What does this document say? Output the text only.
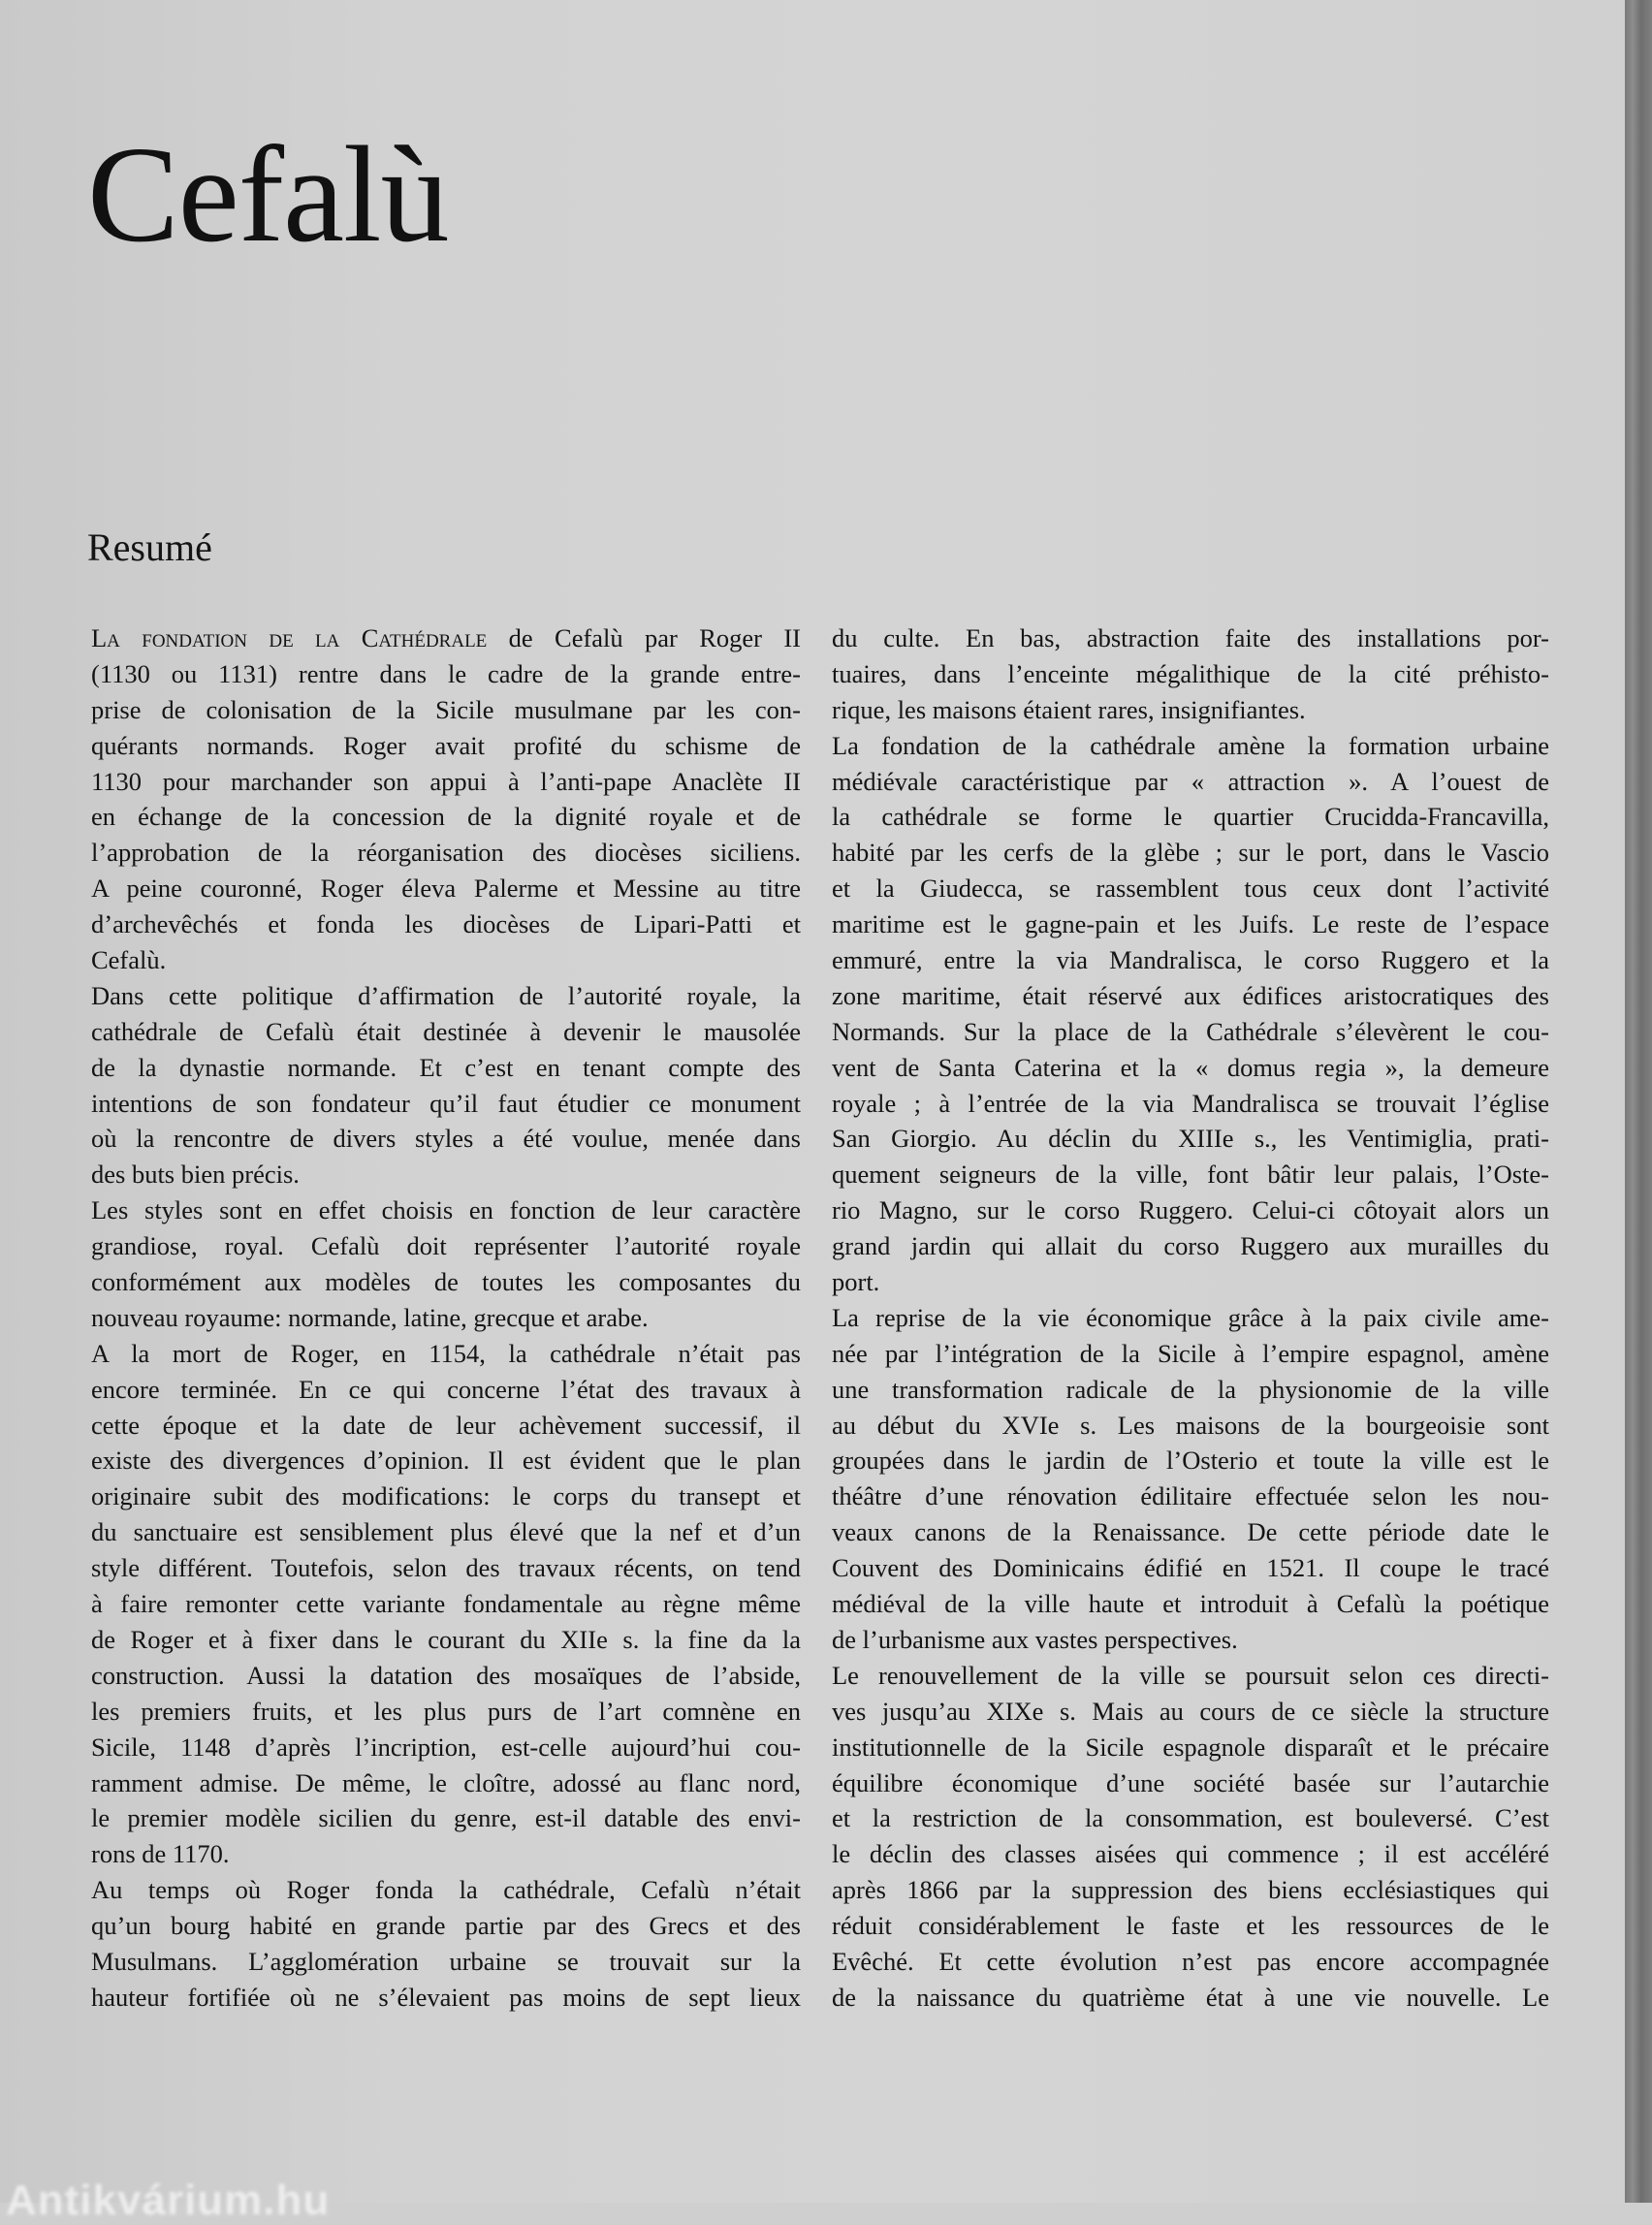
Cefalù
Resumé
La fondation de la Cathédrale de Cefalù par Roger II
(1130 ou 1131) rentre dans le cadre de la grande entre-
prise de colonisation de la Sicile musulmane par les con-
quérants normands. Roger avait profité du schisme de
1130 pour marchander son appui à l’anti-pape Anaclète II
en échange de la concession de la dignité royale et de
l’approbation de la réorganisation des diocèses siciliens.
A peine couronné, Roger éleva Palerme et Messine au titre
d’archevêchés et fonda les diocèses de Lipari-Patti et
Cefalù.
Dans cette politique d’affirmation de l’autorité royale, la
cathédrale de Cefalù était destinée à devenir le mausolée
de la dynastie normande. Et c’est en tenant compte des
intentions de son fondateur qu’il faut étudier ce monument
où la rencontre de divers styles a été voulue, menée dans
des buts bien précis.
Les styles sont en effet choisis en fonction de leur caractère
grandiose, royal. Cefalù doit représenter l’autorité royale
conformément aux modèles de toutes les composantes du
nouveau royaume: normande, latine, grecque et arabe.
A la mort de Roger, en 1154, la cathédrale n’était pas
encore terminée. En ce qui concerne l’état des travaux à
cette époque et la date de leur achèvement successif, il
existe des divergences d’opinion. Il est évident que le plan
originaire subit des modifications: le corps du transept et
du sanctuaire est sensiblement plus élevé que la nef et d’un
style différent. Toutefois, selon des travaux récents, on tend
à faire remonter cette variante fondamentale au règne même
de Roger et à fixer dans le courant du XIIe s. la fine da la
construction. Aussi la datation des mosaïques de l’abside,
les premiers fruits, et les plus purs de l’art comnène en
Sicile, 1148 d’après l’incription, est-celle aujourd’hui cou-
ramment admise. De même, le cloître, adossé au flanc nord,
le premier modèle sicilien du genre, est-il datable des envi-
rons de 1170.
Au temps où Roger fonda la cathédrale, Cefalù n’était
qu’un bourg habité en grande partie par des Grecs et des
Musulmans. L’agglomération urbaine se trouvait sur la
hauteur fortifiée où ne s’élevaient pas moins de sept lieux
du culte. En bas, abstraction faite des installations por-
tuaires, dans l’enceinte mégalithique de la cité préhisto-
rique, les maisons étaient rares, insignifiantes.
La fondation de la cathédrale amène la formation urbaine
médiévale caractéristique par « attraction ». A l’ouest de
la cathédrale se forme le quartier Crucidda-Francavilla,
habité par les cerfs de la glèbe ; sur le port, dans le Vascio
et la Giudecca, se rassemblent tous ceux dont l’activité
maritime est le gagne-pain et les Juifs. Le reste de l’espace
emmuré, entre la via Mandralisca, le corso Ruggero et la
zone maritime, était réservé aux édifices aristocratiques des
Normands. Sur la place de la Cathédrale s’élevèrent le cou-
vent de Santa Caterina et la « domus regia », la demeure
royale ; à l’entrée de la via Mandralisca se trouvait l’église
San Giorgio. Au déclin du XIIIe s., les Ventimiglia, prati-
quement seigneurs de la ville, font bâtir leur palais, l’Oste-
rio Magno, sur le corso Ruggero. Celui-ci côtoyait alors un
grand jardin qui allait du corso Ruggero aux murailles du
port.
La reprise de la vie économique grâce à la paix civile ame-
née par l’intégration de la Sicile à l’empire espagnol, amène
une transformation radicale de la physionomie de la ville
au début du XVIe s. Les maisons de la bourgeoisie sont
groupées dans le jardin de l’Osterio et toute la ville est le
théâtre d’une rénovation édilitaire effectuée selon les nou-
veaux canons de la Renaissance. De cette période date le
Couvent des Dominicains édifié en 1521. Il coupe le tracé
médiéval de la ville haute et introduit à Cefalù la poétique
de l’urbanisme aux vastes perspectives.
Le renouvellement de la ville se poursuit selon ces directi-
ves jusqu’au XIXe s. Mais au cours de ce siècle la structure
institutionnelle de la Sicile espagnole disparaît et le précaire
équilibre économique d’une société basée sur l’autarchie
et la restriction de la consommation, est bouleversé. C’est
le déclin des classes aisées qui commence ; il est accéléré
après 1866 par la suppression des biens ecclésiastiques qui
réduit considérablement le faste et les ressources de le
Evêché. Et cette évolution n’est pas encore accompagnée
de la naissance du quatrième état à une vie nouvelle. Le
Antikvárium.hu
